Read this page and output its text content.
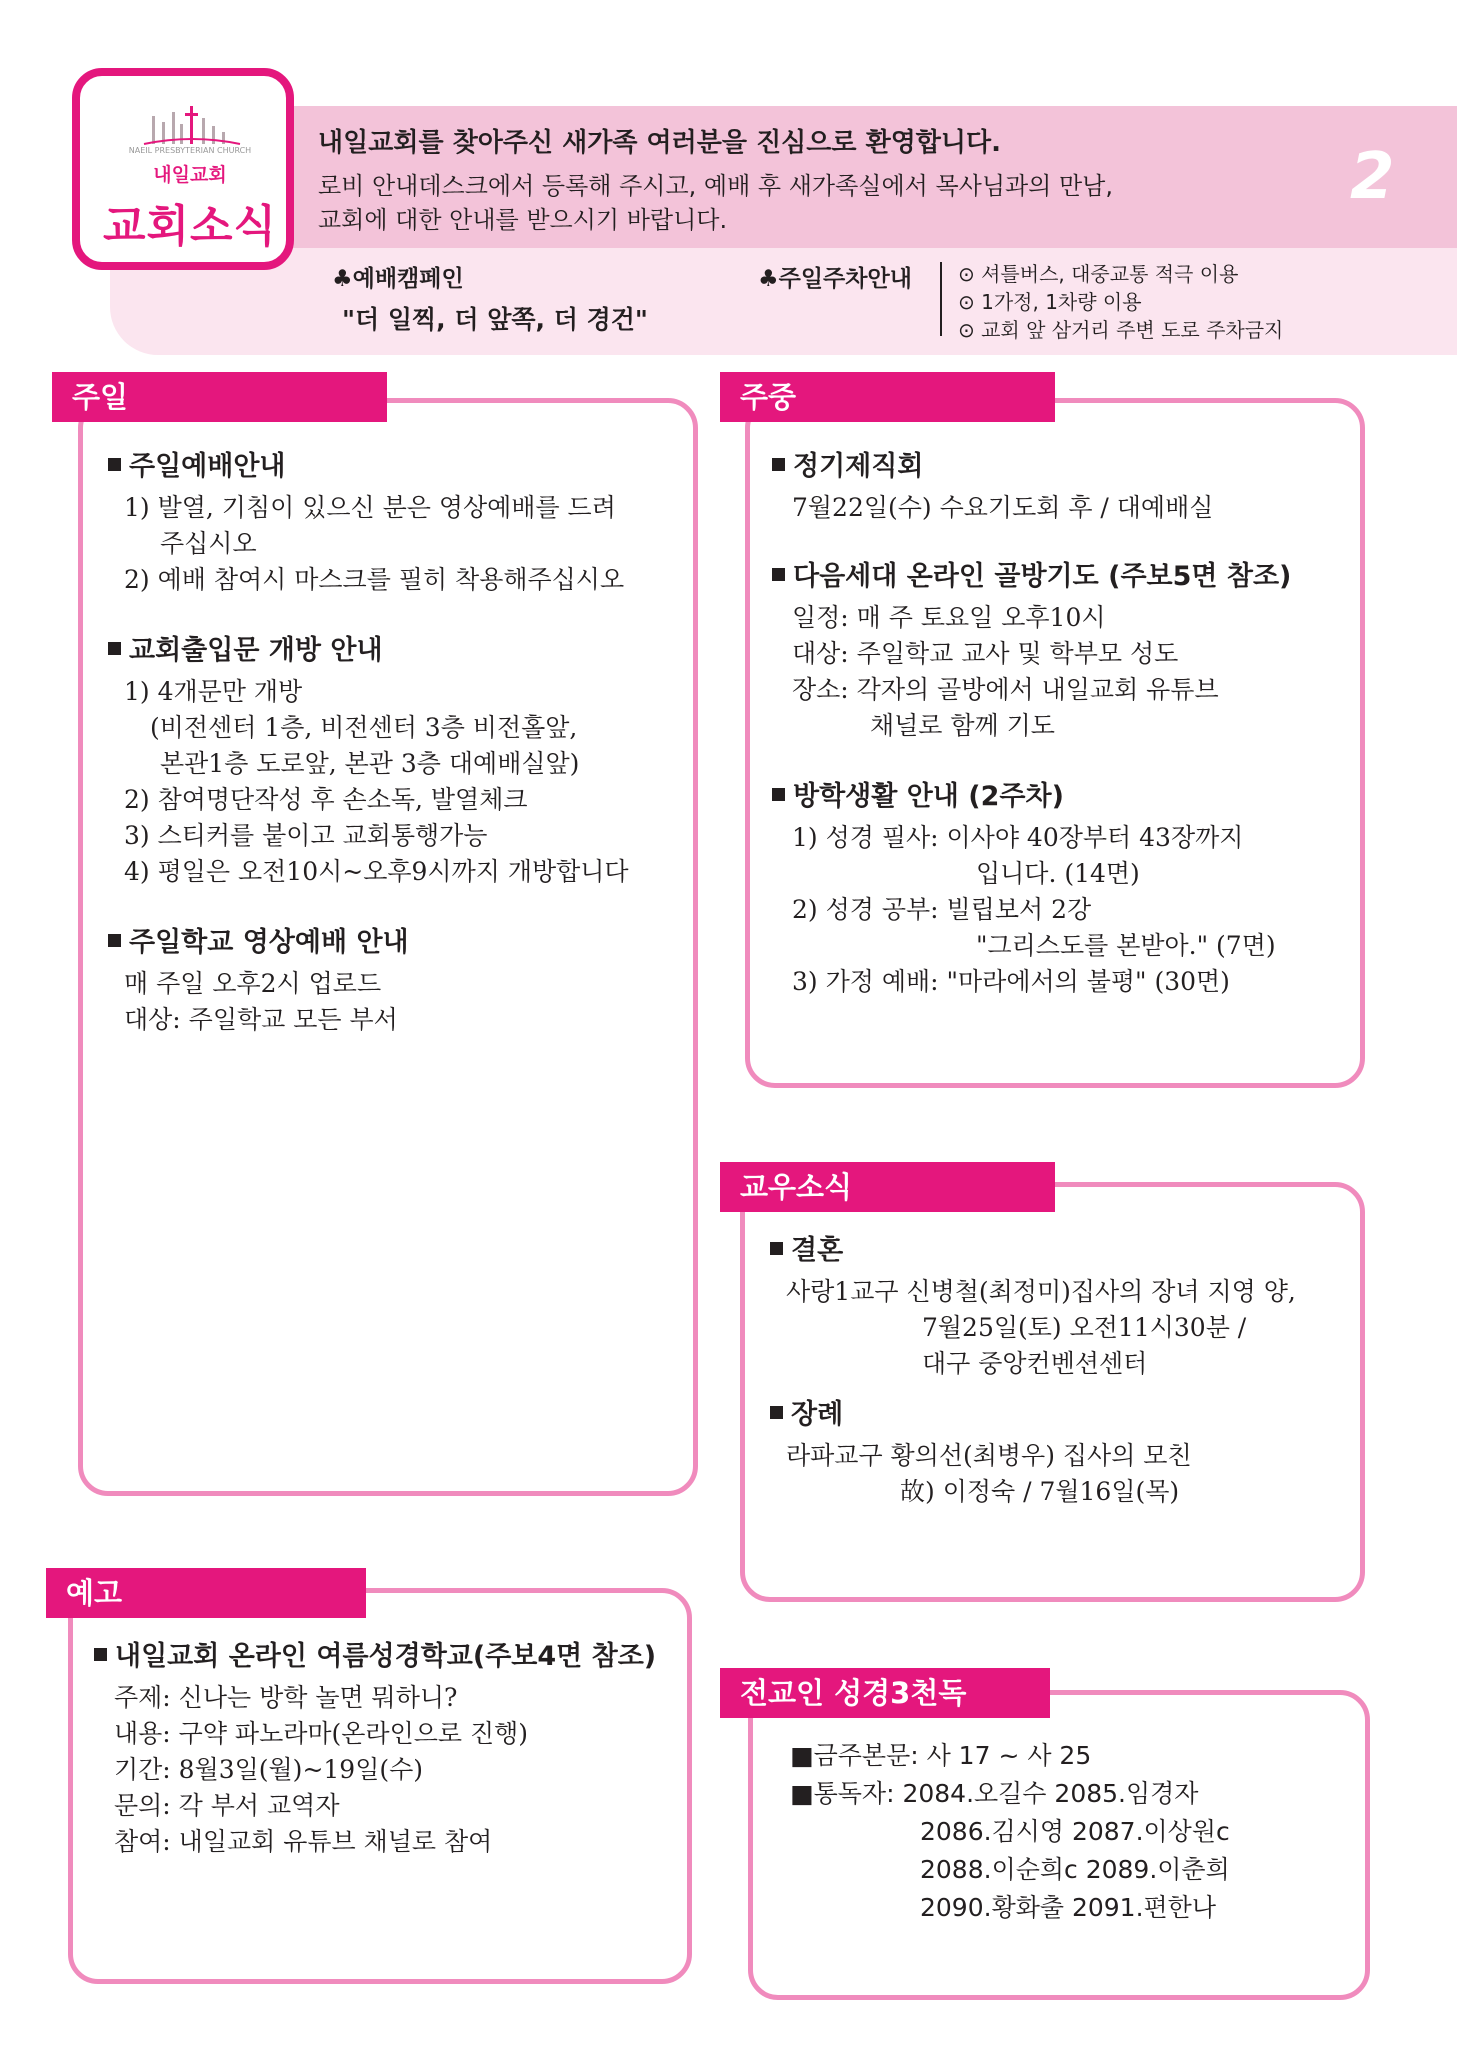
NAEIL PRESBYTERIAN CHURCH
내일교회
교회소식
내일교회를 찾아주신 새가족 여러분을 진심으로 환영합니다.
로비 안내데스크에서 등록해 주시고, 예배 후 새가족실에서 목사님과의 만남,
교회에 대한 안내를 받으시기 바랍니다.
2
♣예배캠페인
"더 일찍, 더 앞쪽, 더 경건"
♣주일주차안내 ⊙ 셔틀버스, 대중교통 적극 이용
⊙ 1가정, 1차량 이용
⊙ 교회 앞 삼거리 주변 도로 주차금지
주일
주일예배안내
1) 발열, 기침이 있으신 분은 영상예배를 드려
주십시오
2) 예배 참여시 마스크를 필히 착용해주십시오
교회출입문 개방 안내
1) 4개문만 개방
(비전센터 1층, 비전센터 3층 비전홀앞,
본관1층 도로앞, 본관 3층 대예배실앞)
2) 참여명단작성 후 손소독, 발열체크
3) 스티커를 붙이고 교회통행가능
4) 평일은 오전10시~오후9시까지 개방합니다
주일학교 영상예배 안내
매 주일 오후2시 업로드
대상: 주일학교 모든 부서
주중
정기제직회
7월22일(수) 수요기도회 후 / 대예배실
다음세대 온라인 골방기도 (주보5면 참조)
일정: 매 주 토요일 오후10시
대상: 주일학교 교사 및 학부모 성도
장소: 각자의 골방에서 내일교회 유튜브
채널로 함께 기도
방학생활 안내 (2주차)
1) 성경 필사: 이사야 40장부터 43장까지
입니다. (14면)
2) 성경 공부: 빌립보서 2강
"그리스도를 본받아." (7면)
3) 가정 예배: "마라에서의 불평" (30면)
교우소식
결혼
사랑1교구 신병철(최정미)집사의 장녀 지영 양,
7월25일(토) 오전11시30분 /
대구 중앙컨벤션센터
장례
라파교구 황의선(최병우) 집사의 모친
故) 이정숙 / 7월16일(목)
예고
내일교회 온라인 여름성경학교(주보4면 참조)
주제: 신나는 방학 놀면 뭐하니?
내용: 구약 파노라마(온라인으로 진행)
기간: 8월3일(월)~19일(수)
문의: 각 부서 교역자
참여: 내일교회 유튜브 채널로 참여
전교인 성경3천독
■금주본문: 사 17 ~ 사 25
■통독자: 2084.오길수 2085.임경자
2086.김시영 2087.이상원c
2088.이순희c 2089.이춘희
2090.황화출 2091.편한나
